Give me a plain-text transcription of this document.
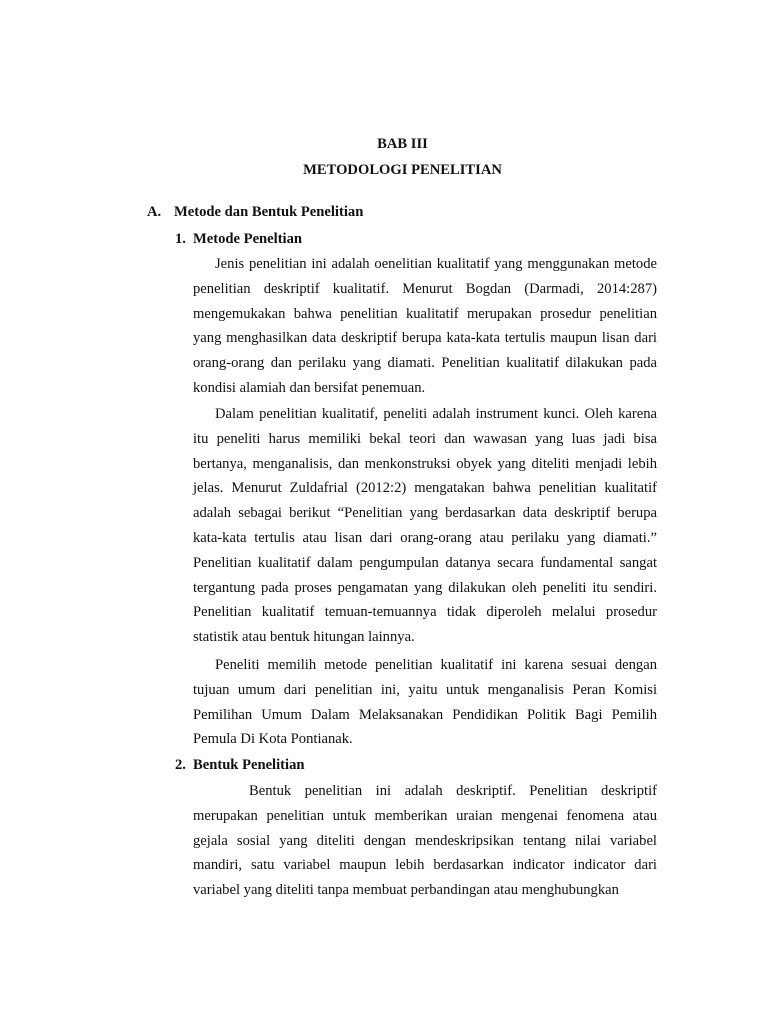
BAB III
METODOLOGI PENELITIAN
A. Metode dan Bentuk Penelitian
1. Metode Peneltian

Jenis penelitian ini adalah oenelitian kualitatif yang menggunakan metode penelitian deskriptif kualitatif. Menurut Bogdan (Darmadi, 2014:287) mengemukakan bahwa penelitian kualitatif merupakan prosedur penelitian yang menghasilkan data deskriptif berupa kata-kata tertulis maupun lisan dari orang-orang dan perilaku yang diamati. Penelitian kualitatif dilakukan pada kondisi alamiah dan bersifat penemuan.

Dalam penelitian kualitatif, peneliti adalah instrument kunci. Oleh karena itu peneliti harus memiliki bekal teori dan wawasan yang luas jadi bisa bertanya, menganalisis, dan menkonstruksi obyek yang diteliti menjadi lebih jelas. Menurut Zuldafrial (2012:2) mengatakan bahwa penelitian kualitatif adalah sebagai berikut “Penelitian yang berdasarkan data deskriptif berupa kata-kata tertulis atau lisan dari orang-orang atau perilaku yang diamati.” Penelitian kualitatif dalam pengumpulan datanya secara fundamental sangat tergantung pada proses pengamatan yang dilakukan oleh peneliti itu sendiri. Penelitian kualitatif temuan-temuannya tidak diperoleh melalui prosedur statistik atau bentuk hitungan lainnya.

Peneliti memilih metode penelitian kualitatif ini karena sesuai dengan tujuan umum dari penelitian ini, yaitu untuk menganalisis Peran Komisi Pemilihan Umum Dalam Melaksanakan Pendidikan Politik Bagi Pemilih Pemula Di Kota Pontianak.

2. Bentuk Penelitian

Bentuk penelitian ini adalah deskriptif. Penelitian deskriptif merupakan penelitian untuk memberikan uraian mengenai fenomena atau gejala sosial yang diteliti dengan mendeskripsikan tentang nilai variabel mandiri, satu variabel maupun lebih berdasarkan indicator indicator dari variabel yang diteliti tanpa membuat perbandingan atau menghubungkan
